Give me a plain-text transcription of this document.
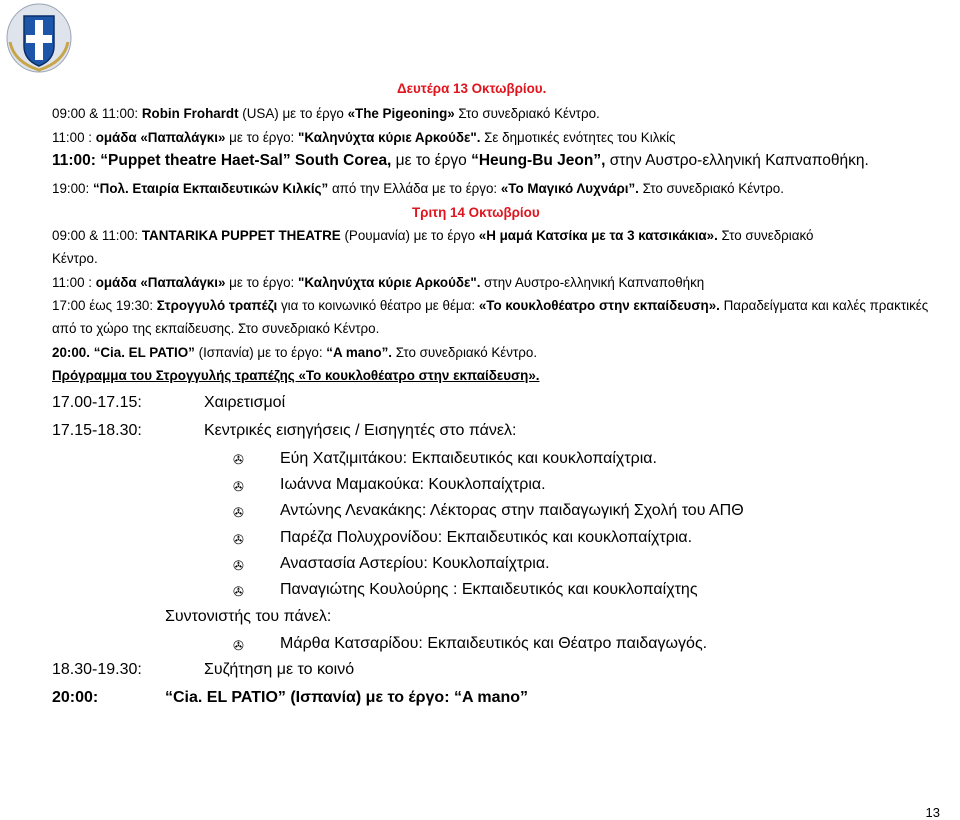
Δευτέρα 13 Οκτωβρίου.
09:00 & 11:00: Robin Frohardt (USA) με το έργο «The Pigeoning» Στο συνεδριακό Κέντρο.
11:00 : ομάδα «Παπαλάγκι» με το έργο: "Καληνύχτα κύριε Αρκούδε". Σε δημοτικές ενότητες του Κιλκίς
11:00: “Puppet theatre Haet-Sal” South Corea, με το έργο “Heung-Bu Jeon”, στην Αυστρο-ελληνική Καπναποθήκη.
19:00: “Πολ. Εταιρία Εκπαιδευτικών Κιλκίς” από την Ελλάδα με το έργο: «Το Μαγικό Λυχνάρι”. Στο συνεδριακό Κέντρο.
Τριτη 14 Οκτωβρίου
09:00 & 11:00: TANTARIKA PUPPET THEATRE (Ρουμανία) με το έργο «Η μαμά Κατσίκα με τα 3 κατσικάκια». Στο συνεδριακό
Κέντρο.
11:00 : ομάδα «Παπαλάγκι» με το έργο: "Καληνύχτα κύριε Αρκούδε". στην Αυστρο-ελληνική Καπναποθήκη
17:00 έως 19:30: Στρογγυλό τραπέζι για το κοινωνικό θέατρο με θέμα: «Το κουκλοθέατρο στην εκπαίδευση». Παραδείγματα και καλές πρακτικές
από το χώρο της εκπαίδευσης. Στο συνεδριακό Κέντρο.
20:00. “Cia. EL PATIO” (Ισπανία) με το έργο: “A mano”. Στο συνεδριακό Κέντρο.
Πρόγραμμα του Στρογγυλής τραπέζης «Το κουκλοθέατρο στην εκπαίδευση».
17.00-17.15:	Χαιρετισμοί
17.15-18.30:	Κεντρικές εισηγήσεις / Εισηγητές στο πάνελ:
✇ Εύη Χατζιμιτάκου: Εκπαιδευτικός και κουκλοπαίχτρια.
✇ Ιωάννα Μαμακούκα: Κουκλοπαίχτρια.
✇ Αντώνης Λενακάκης: Λέκτορας στην παιδαγωγική Σχολή του ΑΠΘ
✇ Παρέζα Πολυχρονίδου: Εκπαιδευτικός και κουκλοπαίχτρια.
✇ Αναστασία Αστερίου: Κουκλοπαίχτρια.
✇ Παναγιώτης Κουλούρης : Εκπαιδευτικός και κουκλοπαίχτης
Συντονιστής του πάνελ:
✇ Μάρθα Κατσαρίδου: Εκπαιδευτικός και Θέατρο παιδαγωγός.
18.30-19.30:	Συζήτηση με το κοινό
20:00:	“Cia. EL PATIO” (Ισπανία) με το έργο: “A mano”
13
